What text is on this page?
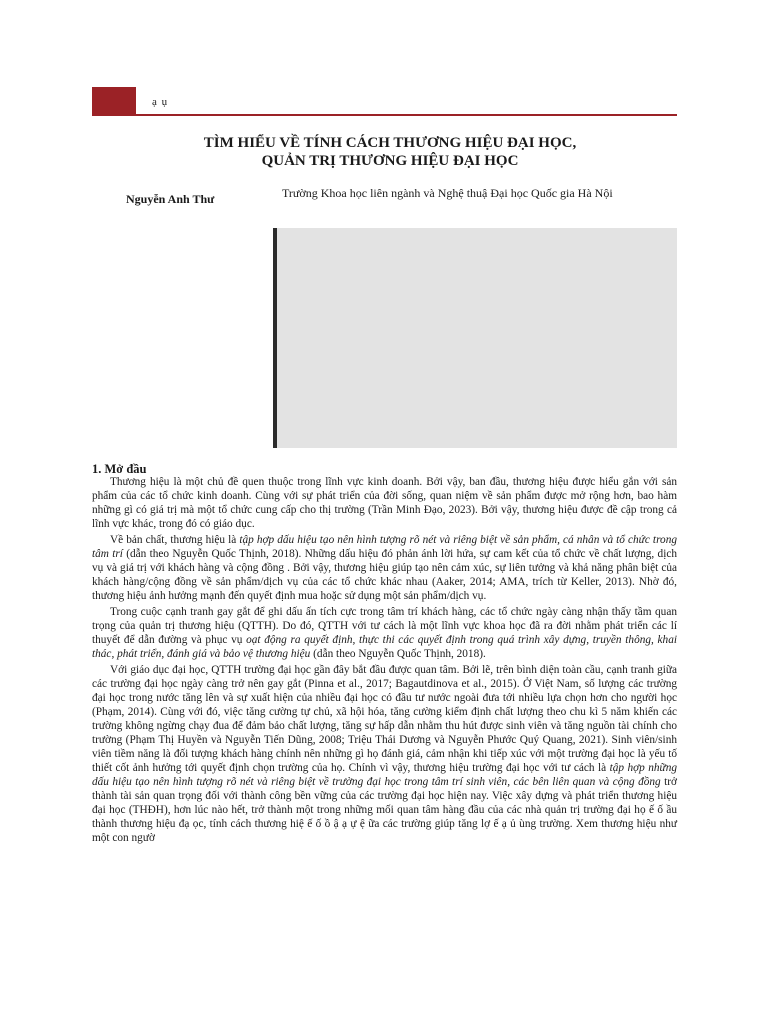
ạ ụ
TÌM HIỂU VỀ TÍNH CÁCH THƯƠNG HIỆU ĐẠI HỌC,
QUẢN TRỊ THƯƠNG HIỆU ĐẠI HỌC
Nguyễn Anh Thư	Trường Khoa học liên ngành và Nghệ thuậ Đại học Quốc gia Hà Nội
1. Mở đầu

Thương hiệu là một chủ đề quen thuộc trong lĩnh vực kinh doanh. Bởi vậy, ban đầu, thương hiệu được hiểu gắn với sản phẩm của các tổ chức kinh doanh. Cùng với sự phát triển của đời sống, quan niệm về sản phẩm được mở rộng hơn, bao hàm những gì có giá trị mà một tổ chức cung cấp cho thị trường (Trần Minh Đạo, 2023). Bởi vậy, thương hiệu được đề cập trong cả lĩnh vực khác, trong đó có giáo dục.

Về bản chất, thương hiệu là tập hợp dấu hiệu tạo nên hình tượng rõ nét và riêng biệt về sản phẩm, cá nhân và tổ chức trong tâm trí (dẫn theo Nguyễn Quốc Thịnh, 2018). Những dấu hiệu đó phản ánh lời hứa, sự cam kết của tổ chức về chất lượng, dịch vụ và giá trị với khách hàng và cộng đồng . Bởi vậy, thương hiệu giúp tạo nên cảm xúc, sự liên tưởng và khả năng phân biệt của khách hàng/cộng đồng về sản phẩm/dịch vụ của các tổ chức khác nhau (Aaker, 2014; AMA, trích từ Keller, 2013). Nhờ đó, thương hiệu ảnh hưởng mạnh đến quyết định mua hoặc sử dụng một sản phẩm/dịch vụ.

Trong cuộc cạnh tranh gay gắt để ghi dấu ấn tích cực trong tâm trí khách hàng, các tổ chức ngày càng nhận thấy tầm quan trọng của quản trị thương hiệu (QTTH). Do đó, QTTH với tư cách là một lĩnh vực khoa học đã ra đời nhằm phát triển các lí thuyết để dẫn đường và phục vụ oạt động ra quyết định, thực thi các quyết định trong quá trình xây dựng, truyền thông, khai thác, phát triển, đánh giá và bảo vệ thương hiệu (dẫn theo Nguyễn Quốc Thịnh, 2018).

Với giáo dục đại học, QTTH trường đại học gần đây bắt đầu được quan tâm. Bởi lẽ, trên bình diện toàn cầu, cạnh tranh giữa các trường đại học ngày càng trở nên gay gắt (Pinna et al., 2017; Bagautdinova et al., 2015). Ở Việt Nam, số lượng các trường đại học trong nước tăng lên và sự xuất hiện của nhiều đại học có đầu tư nước ngoài đưa tới nhiều lựa chọn hơn cho người học (Phạm, 2014). Cùng với đó, việc tăng cường tự chủ, xã hội hóa, tăng cường kiểm định chất lượng theo chu kì 5 năm khiến các trường không ngừng chạy đua để đảm bảo chất lượng, tăng sự hấp dẫn nhằm thu hút được sinh viên và tăng nguồn tài chính cho trường (Phạm Thị Huyền và Nguyễn Tiến Dũng, 2008; Triệu Thái Dương và Nguyễn Phước Quý Quang, 2021). Sinh viên/sinh viên tiềm năng là đối tượng khách hàng chính nên những gì họ đánh giá, cảm nhận khi tiếp xúc với một trường đại học là yếu tố thiết cốt ảnh hưởng tới quyết định chọn trường của họ. Chính vì vậy, thương hiệu trường đại học với tư cách là tập hợp những dấu hiệu tạo nên hình tượng rõ nét và riêng biệt về trường đại học trong tâm trí sinh viên, các bên liên quan và cộng đồng trở thành tài sản quan trọng đối với thành công bền vững của các trường đại học hiện nay. Việc xây dựng và phát triển thương hiệu đại học (THĐH), hơn lúc nào hết, trở thành một trong những mối quan tâm hàng đầu của các nhà quản trị trường đại họ ế ố ầu thành thương hiệu đạ ọc, tính cách thương hiệ ế ố ồ ậ ạ ự ệ ữa các trường giúp tăng lợ ế ạ ủ ùng trường. Xem thương hiệu như một con ngườ
